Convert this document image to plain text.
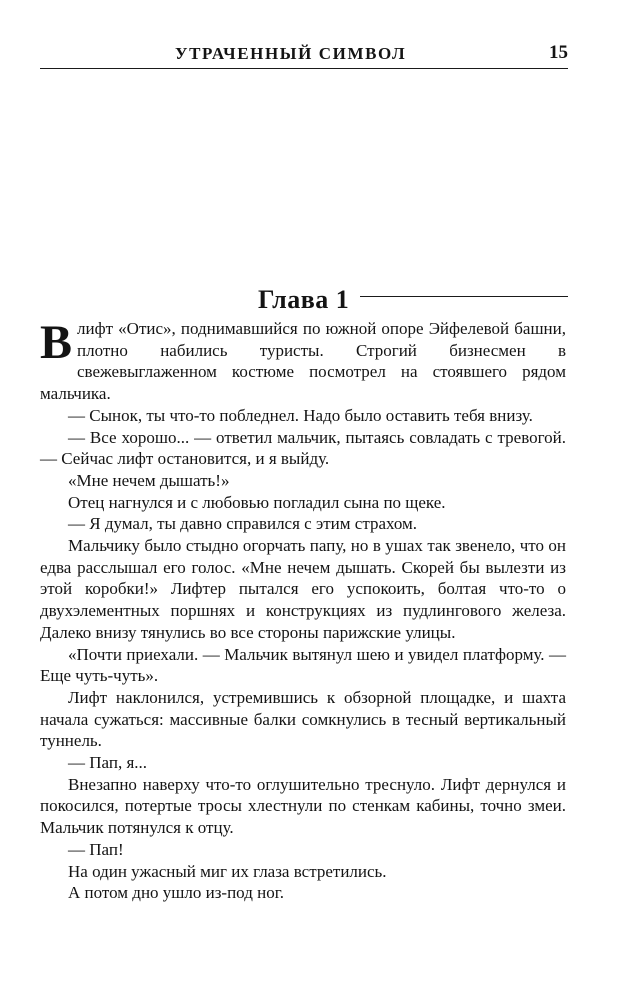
УТРАЧЕННЫЙ СИМВОЛ	15
Глава 1

В лифт «Отис», поднимавшийся по южной опоре Эйфелевой башни, плотно набились туристы. Строгий бизнесмен в свежевыглаженном костюме посмотрел на стоявшего рядом мальчика.

— Сынок, ты что-то побледнел. Надо было оставить тебя внизу.

— Все хорошо... — ответил мальчик, пытаясь совладать с тревогой. — Сейчас лифт остановится, и я выйду.

«Мне нечем дышать!»

Отец нагнулся и с любовью погладил сына по щеке.

— Я думал, ты давно справился с этим страхом.

Мальчику было стыдно огорчать папу, но в ушах так звенело, что он едва расслышал его голос. «Мне нечем дышать. Скорей бы вылезти из этой коробки!» Лифтер пытался его успокоить, болтая что-то о двухэлементных поршнях и конструкциях из пудлингового железа. Далеко внизу тянулись во все стороны парижские улицы.

«Почти приехали. — Мальчик вытянул шею и увидел платформу. — Еще чуть-чуть».

Лифт наклонился, устремившись к обзорной площадке, и шахта начала сужаться: массивные балки сомкнулись в тесный вертикальный туннель.

— Пап, я...

Внезапно наверху что-то оглушительно треснуло. Лифт дернулся и покосился, потертые тросы хлестнули по стенкам кабины, точно змеи. Мальчик потянулся к отцу.

— Пап!

На один ужасный миг их глаза встретились.

А потом дно ушло из-под ног.
